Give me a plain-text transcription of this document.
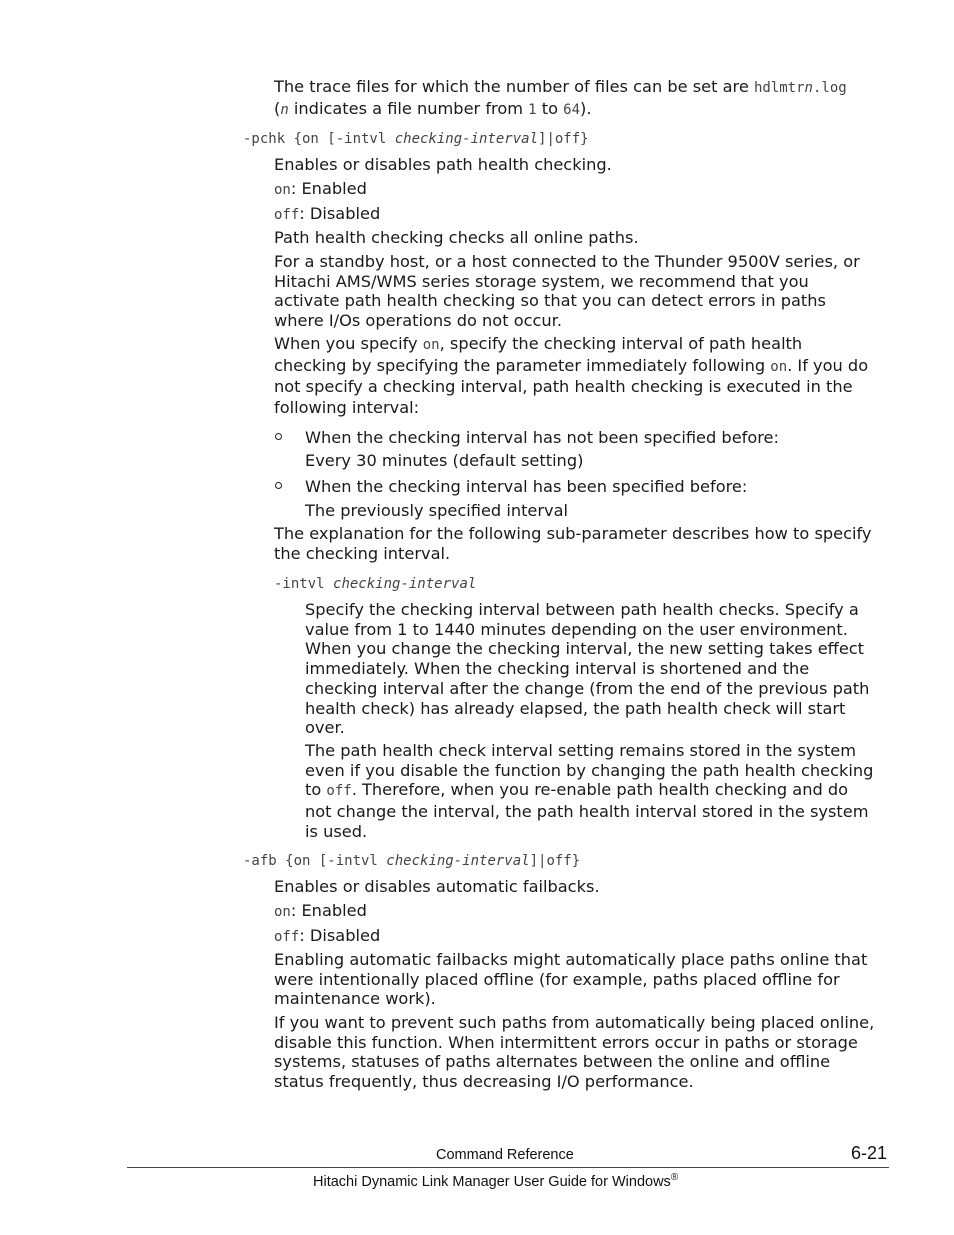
The trace files for which the number of files can be set are hdlmtrn.log
(n indicates a file number from 1 to 64).

-pchk {on [-intvl checking-interval]|off}

Enables or disables path health checking.

on: Enabled

off: Disabled

Path health checking checks all online paths.

For a standby host, or a host connected to the Thunder 9500V series, or
Hitachi AMS/WMS series storage system, we recommend that you
activate path health checking so that you can detect errors in paths
where I/Os operations do not occur.

When you specify on, specify the checking interval of path health
checking by specifying the parameter immediately following on. If you do
not specify a checking interval, path health checking is executed in the
following interval:

When the checking interval has not been specified before:

Every 30 minutes (default setting)

When the checking interval has been specified before:

The previously specified interval

The explanation for the following sub-parameter describes how to specify
the checking interval.

-intvl checking-interval

Specify the checking interval between path health checks. Specify a
value from 1 to 1440 minutes depending on the user environment.
When you change the checking interval, the new setting takes effect
immediately. When the checking interval is shortened and the
checking interval after the change (from the end of the previous path
health check) has already elapsed, the path health check will start
over.

The path health check interval setting remains stored in the system
even if you disable the function by changing the path health checking
to off. Therefore, when you re-enable path health checking and do
not change the interval, the path health interval stored in the system
is used.

-afb {on [-intvl checking-interval]|off}

Enables or disables automatic failbacks.

on: Enabled

off: Disabled

Enabling automatic failbacks might automatically place paths online that
were intentionally placed offline (for example, paths placed offline for
maintenance work).

If you want to prevent such paths from automatically being placed online,
disable this function. When intermittent errors occur in paths or storage
systems, statuses of paths alternates between the online and offline
status frequently, thus decreasing I/O performance.

Command Reference	6-21
Hitachi Dynamic Link Manager User Guide for Windows®
